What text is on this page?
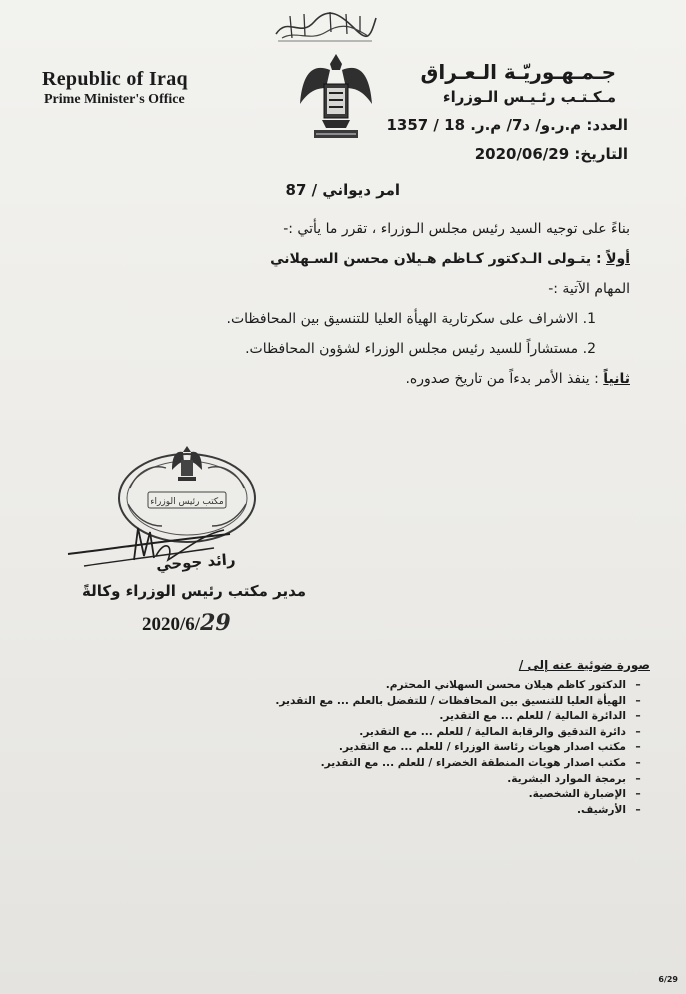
Republic of Iraq
Prime Minister's Office
جـمـهـوريّـة الـعـراق
مـكـتـب رئـيـس الـوزراء
العدد: م.ر.و/ د7/ م.ر. 18 / 1357
التاريخ: 2020/06/29
امر ديواني / 87
بناءً على توجيه السيد رئيس مجلس الـوزراء ، تقرر ما يأتي :-
أولاً : يتـولى الـدكتور كـاظم هـيلان محسن السـهلاني
المهام الآتية :-
1. الاشراف على سكرتارية الهيأة العليا للتنسيق بين المحافظات.
2. مستشاراً للسيد رئيس مجلس الوزراء لشؤون المحافظات.
ثانياً : ينفذ الأمر بدءاً من تاريخ صدوره.
مكتب رئيس الوزراء
رائد جوحي
مدير مكتب رئيس الوزراء وكالةً
2020/6/29
صورة ضوئية عنه إلى /
– الدكتور كاظم هيلان محسن السهلاني المحترم.
– الهيأة العليا للتنسيق بين المحافظات / للتفضل بالعلم ... مع التقدير.
– الدائرة المالية / للعلم ... مع التقدير.
– دائرة التدقيق والرقابة المالية / للعلم ... مع التقدير.
– مكتب اصدار هويات رئاسة الوزراء / للعلم ... مع التقدير.
– مكتب اصدار هويات المنطقة الخضراء / للعلم ... مع التقدير.
– برمجة الموارد البشرية.
– الإضبارة الشخصية.
– الأرشيف.
6/29
